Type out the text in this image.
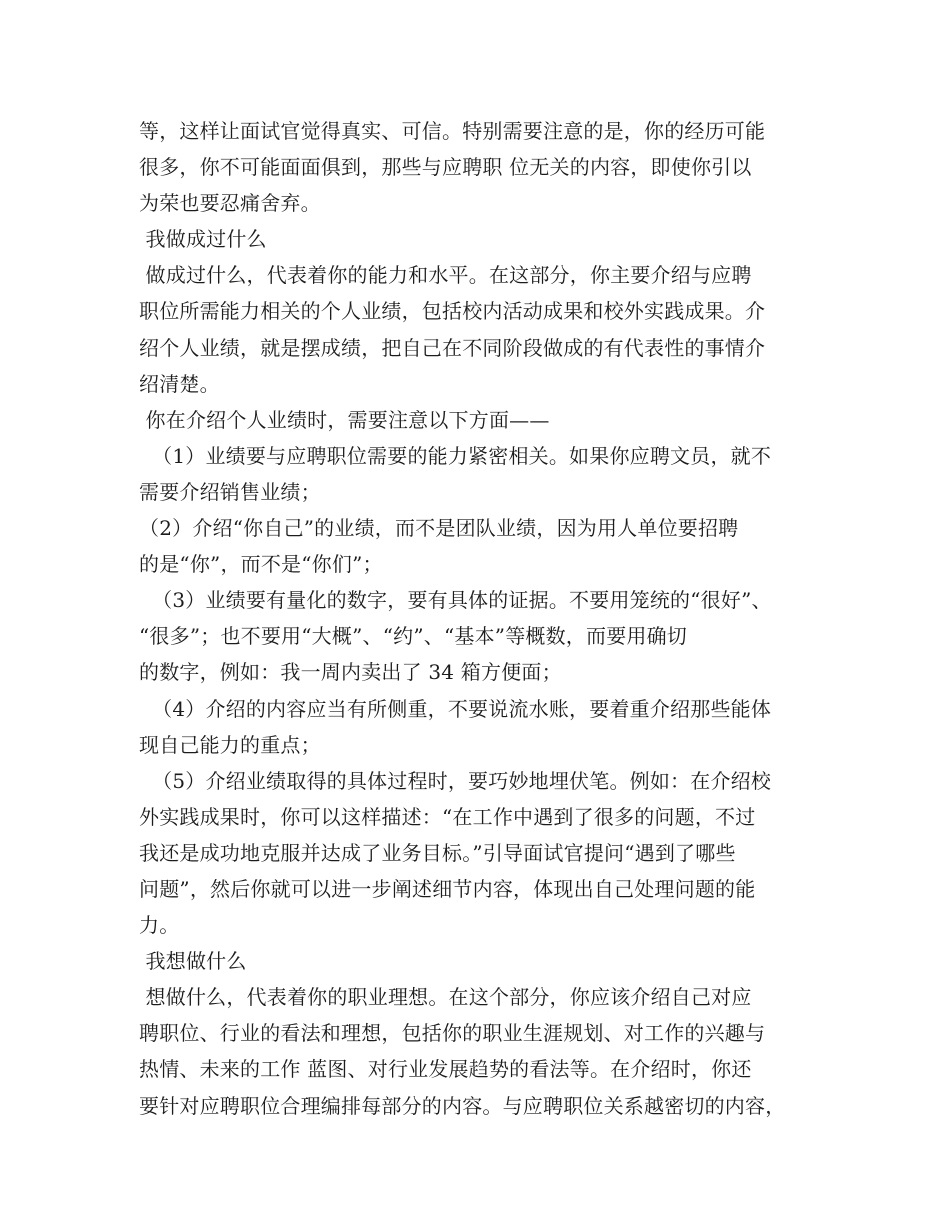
等，这样让面试官觉得真实、可信。特别需要注意的是，你的经历可能
很多，你不可能面面俱到，那些与应聘职 位无关的内容，即使你引以
为荣也要忍痛舍弃。
我做成过什么
做成过什么，代表着你的能力和水平。在这部分，你主要介绍与应聘
职位所需能力相关的个人业绩，包括校内活动成果和校外实践成果。介
绍个人业绩，就是摆成绩，把自己在不同阶段做成的有代表性的事情介
绍清楚。
你在介绍个人业绩时，需要注意以下方面——
（1）业绩要与应聘职位需要的能力紧密相关。如果你应聘文员，就不
需要介绍销售业绩；
（2）介绍“你自己”的业绩，而不是团队业绩，因为用人单位要招聘
的是“你”，而不是“你们”；
（3）业绩要有量化的数字，要有具体的证据。不要用笼统的“很好”、
“很多”；也不要用“大概”、“约”、“基本”等概数，而要用确切
的数字，例如：我一周内卖出了 34 箱方便面；
（4）介绍的内容应当有所侧重，不要说流水账，要着重介绍那些能体
现自己能力的重点；
（5）介绍业绩取得的具体过程时，要巧妙地埋伏笔。例如：在介绍校
外实践成果时，你可以这样描述：“在工作中遇到了很多的问题，不过
我还是成功地克服并达成了业务目标。”引导面试官提问“遇到了哪些
问题”，然后你就可以进一步阐述细节内容，体现出自己处理问题的能
力。
我想做什么
想做什么，代表着你的职业理想。在这个部分，你应该介绍自己对应
聘职位、行业的看法和理想，包括你的职业生涯规划、对工作的兴趣与
热情、未来的工作 蓝图、对行业发展趋势的看法等。在介绍时，你还
要针对应聘职位合理编排每部分的内容。与应聘职位关系越密切的内容，
